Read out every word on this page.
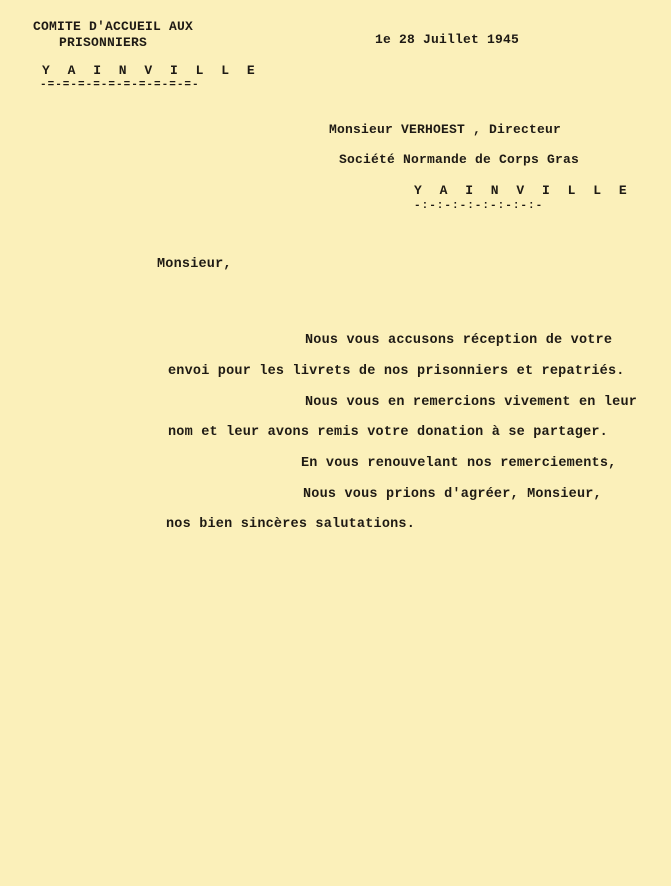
COMITE D'ACCUEIL AUX
PRISONNIERS
Y A I N V I L L E
-=-=-=-=-=-=-=-=-=-=-
1e 28 Juillet 1945
Monsieur VERHOEST , Directeur
Société Normande de Corps Gras
Y A I N V I L L E
-:-:-:-:-:-:-:-:-
Monsieur,
Nous vous accusons réception de votre
envoi pour les livrets de nos prisonniers et repatriés.
Nous vous en remercions vivement en leur
nom et leur avons remis votre donation à se partager.
En vous renouvelant nos remerciements,
Nous vous prions d'agréer, Monsieur,
nos bien sincères salutations.
